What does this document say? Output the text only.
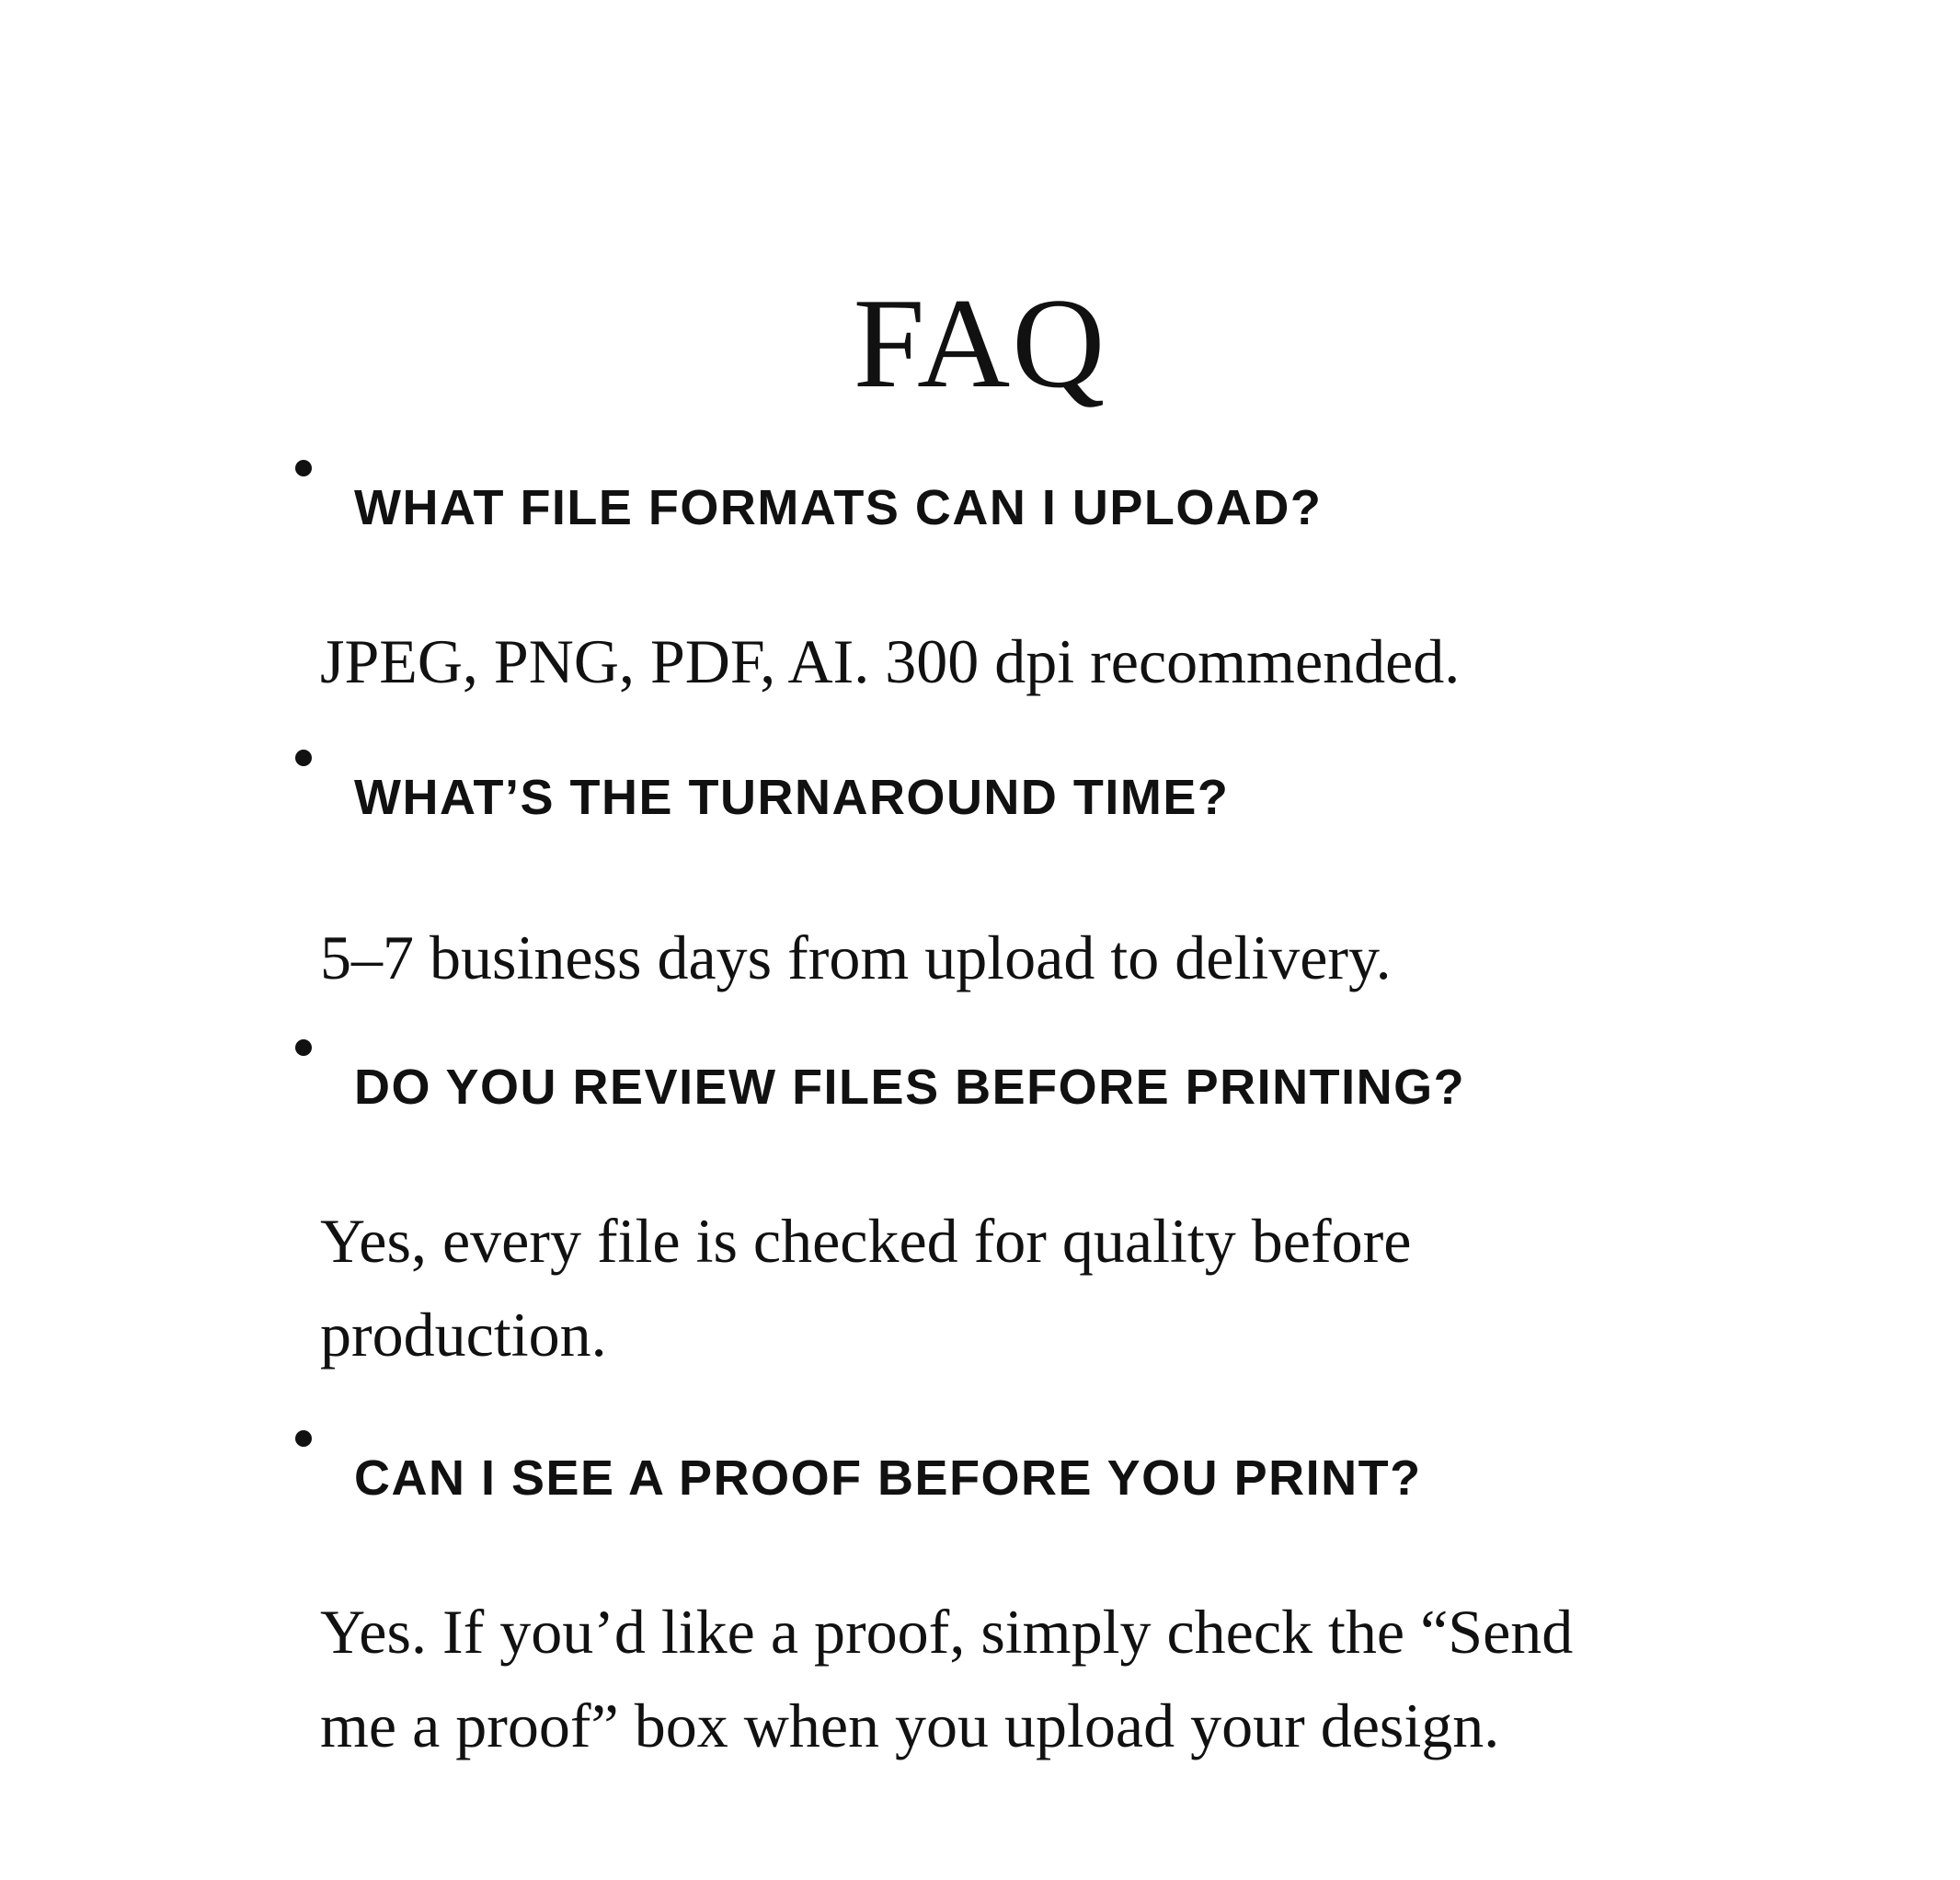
FAQ
WHAT FILE FORMATS CAN I UPLOAD?

JPEG, PNG, PDF, AI. 300 dpi recommended.

WHAT’S THE TURNAROUND TIME?

5–7 business days from upload to delivery.

DO YOU REVIEW FILES BEFORE PRINTING?

Yes, every file is checked for quality before production.

CAN I SEE A PROOF BEFORE YOU PRINT?

Yes. If you’d like a proof, simply check the “Send me a proof” box when you upload your design.
